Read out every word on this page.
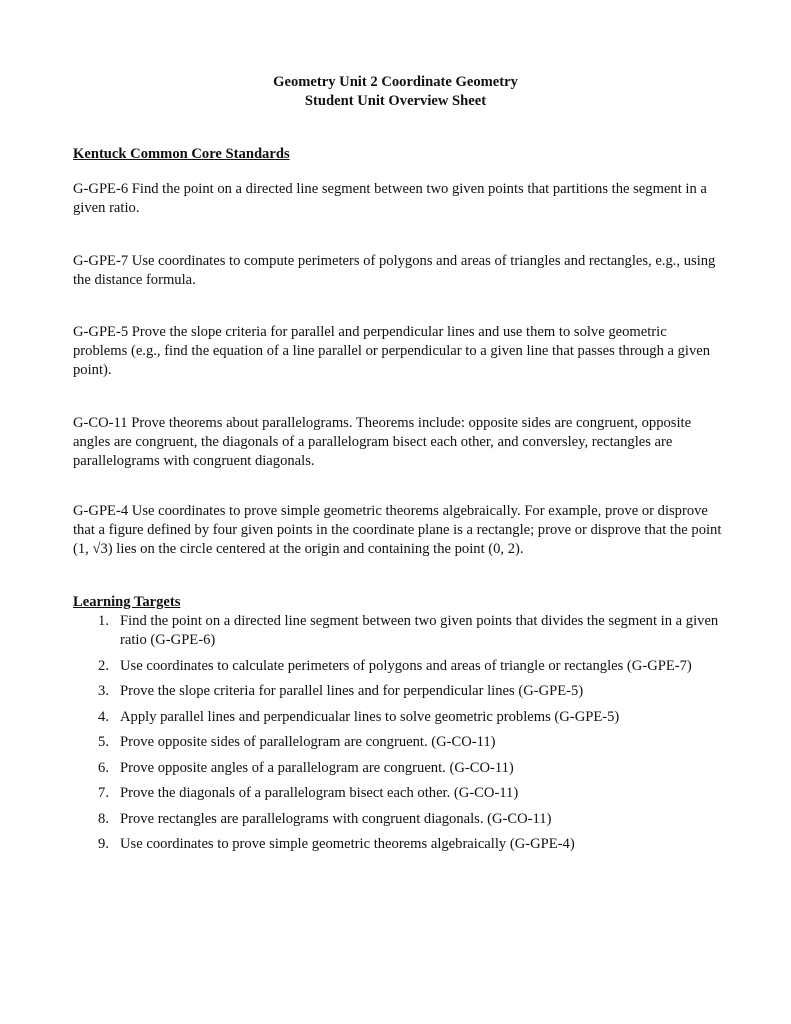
Geometry Unit 2 Coordinate Geometry
Student Unit Overview Sheet
Kentuck Common Core Standards

G-GPE-6 Find the point on a directed line segment between two given points that partitions the segment in a given ratio.

G-GPE-7 Use coordinates to compute perimeters of polygons and areas of triangles and rectangles, e.g., using the distance formula.

G-GPE-5 Prove the slope criteria for parallel and perpendicular lines and use them to solve geometric problems (e.g., find the equation of a line parallel or perpendicular to a given line that passes through a given point).

G-CO-11 Prove theorems about parallelograms. Theorems include: opposite sides are congruent, opposite angles are congruent, the diagonals of a parallelogram bisect each other, and conversley, rectangles are parallelograms with congruent diagonals.

G-GPE-4 Use coordinates to prove simple geometric theorems algebraically. For example, prove or disprove that a figure defined by four given points in the coordinate plane is a rectangle; prove or disprove that the point (1, √3) lies on the circle centered at the origin and containing the point (0, 2).

Learning Targets
1. Find the point on a directed line segment between two given points that divides the segment in a given ratio (G-GPE-6)
2. Use coordinates to calculate perimeters of polygons and areas of triangle or rectangles (G-GPE-7)
3. Prove the slope criteria for parallel lines and for perpendicular lines (G-GPE-5)
4. Apply parallel lines and perpendicualar lines to solve geometric problems (G-GPE-5)
5. Prove opposite sides of parallelogram are congruent. (G-CO-11)
6. Prove opposite angles of a parallelogram are congruent. (G-CO-11)
7. Prove the diagonals of a parallelogram bisect each other. (G-CO-11)
8. Prove rectangles are parallelograms with congruent diagonals. (G-CO-11)
9. Use coordinates to prove simple geometric theorems algebraically (G-GPE-4)
